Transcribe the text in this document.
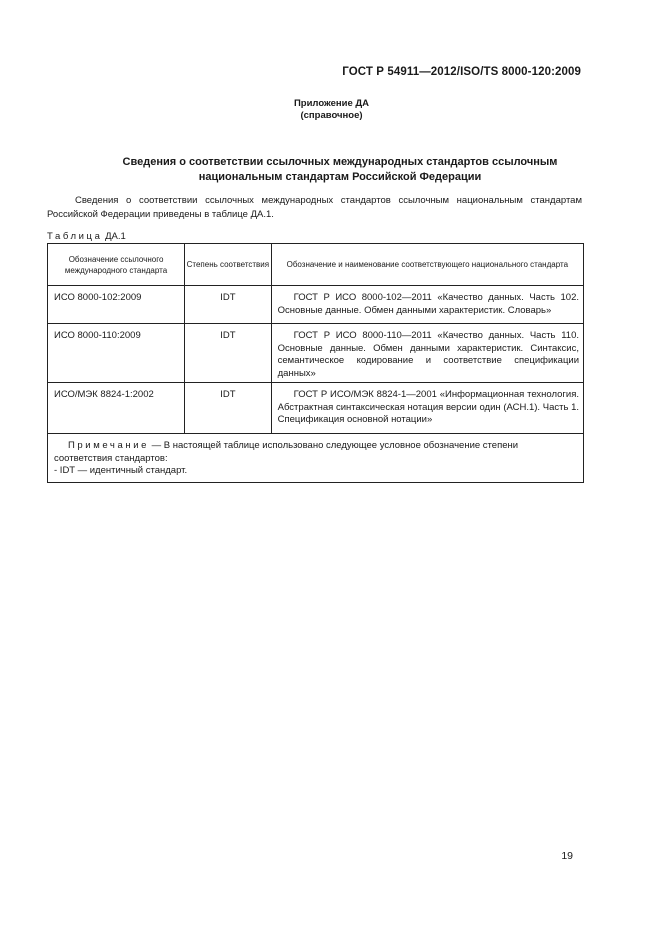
ГОСТ Р 54911—2012/ISO/TS 8000-120:2009
Приложение ДА
(справочное)
Сведения о соответствии ссылочных международных стандартов ссылочным
национальным стандартам Российской Федерации
Сведения о соответствии ссылочных международных стандартов ссылочным национальным стандартам Российской Федерации приведены в таблице ДА.1.
Таблица ДА.1
Обозначение ссылочного международного стандарта	Степень соответствия	Обозначение и наименование соответствующего национального стандарта
ИСО 8000-102:2009	IDT	ГОСТ Р ИСО 8000-102—2011 «Качество данных. Часть 102. Основные данные. Обмен данными характеристик. Словарь»

ИСО 8000-110:2009	IDT	ГОСТ Р ИСО 8000-110—2011 «Качество данных. Часть 110. Основные данные. Обмен данными характеристик. Синтаксис, семантическое кодирование и соответствие спецификации данных»

ИСО/МЭК 8824-1:2002	IDT	ГОСТ Р ИСО/МЭК 8824-1—2001 «Информационная технология. Абстрактная синтаксическая нотация версии один (АСН.1). Часть 1. Спецификация основной нотации»

Примечание — В настоящей таблице использовано следующее условное обозначение степени соответствия стандартов:
- IDT — идентичный стандарт.		
19
